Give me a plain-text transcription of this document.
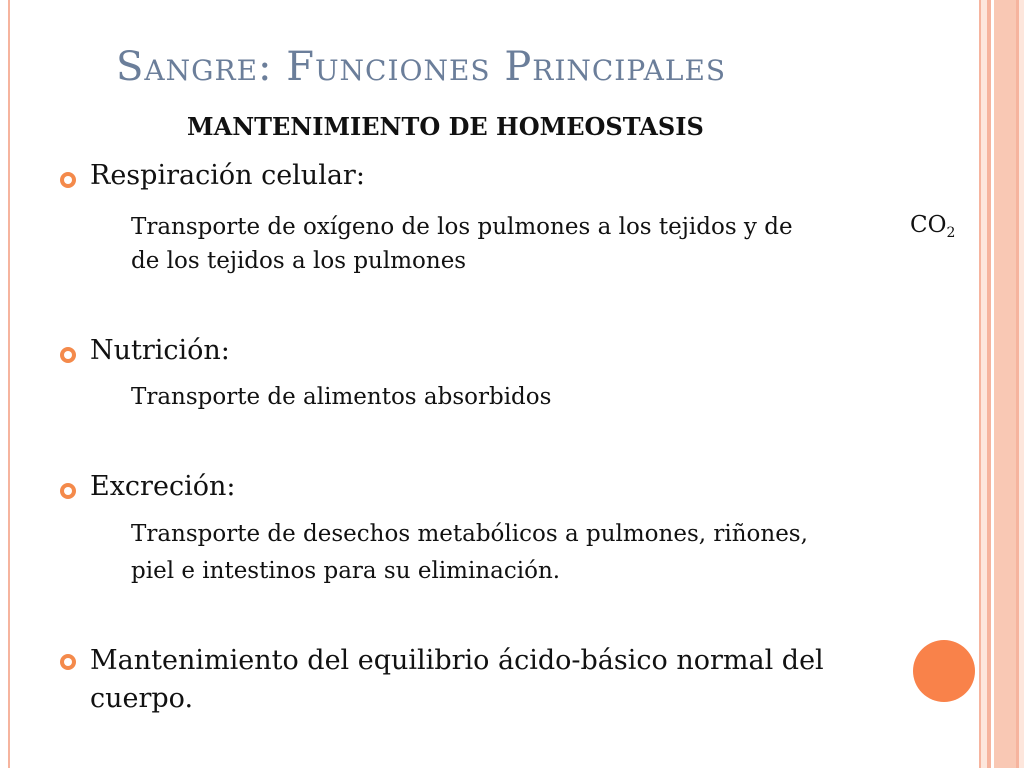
Sangre: Funciones Principales
MANTENIMIENTO DE HOMEOSTASIS

Respiración celular:

Transporte de oxígeno de los pulmones a los tejidos y de	$CO_2$

de los tejidos a los pulmones

Nutrición:

Transporte de alimentos absorbidos

Excreción:

Transporte de desechos metabólicos a pulmones, riñones,

piel e intestinos para su eliminación.

Mantenimiento del equilibrio ácido-básico normal del
cuerpo.
